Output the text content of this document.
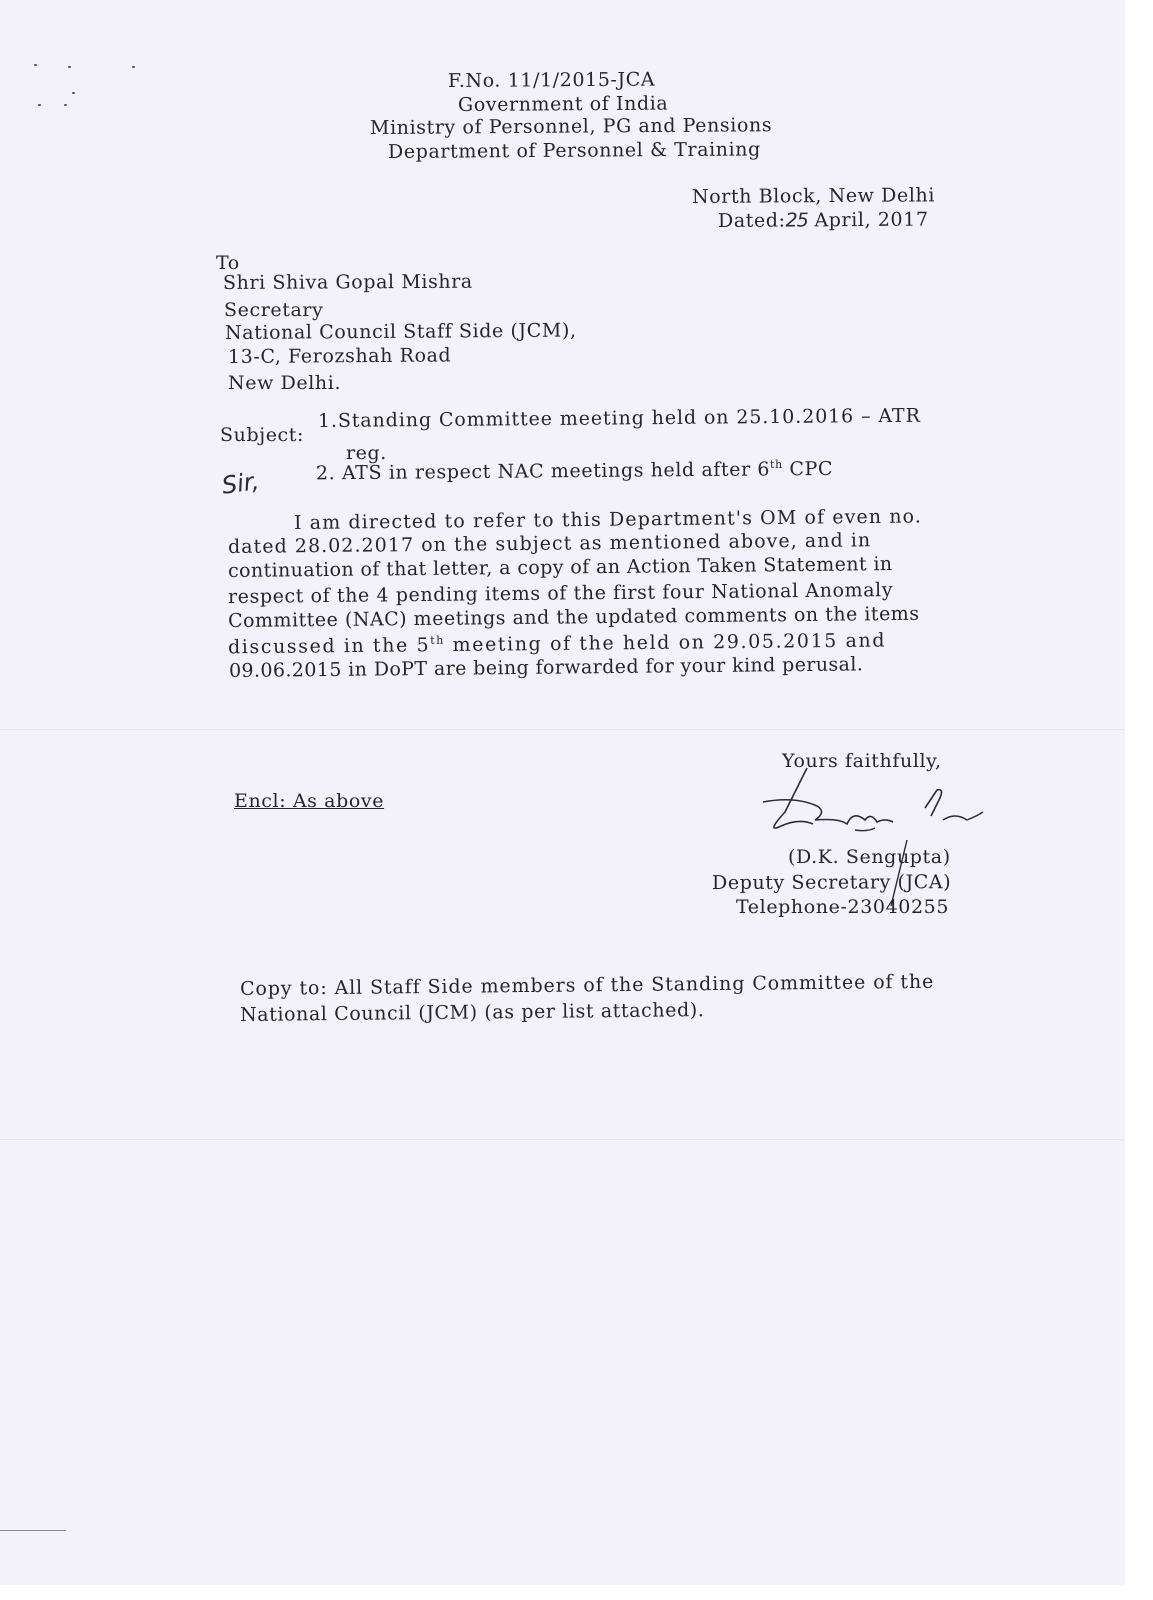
F.No. 11/1/2015-JCA
Government of India
Ministry of Personnel, PG and Pensions
Department of Personnel & Training
North Block, New Delhi
Dated:25 April, 2017
To
Shri Shiva Gopal Mishra
Secretary
National Council Staff Side (JCM),
13-C, Ferozshah Road
New Delhi.
Subject:
1.Standing Committee meeting held on 25.10.2016 – ATR
reg.
2. ATS in respect NAC meetings held after 6th CPC
Sir,
I am directed to refer to this Department's OM of even no.
dated 28.02.2017 on the subject as mentioned above, and in
continuation of that letter, a copy of an Action Taken Statement in
respect of the 4 pending items of the first four National Anomaly
Committee (NAC) meetings and the updated comments on the items
discussed in the 5th meeting of the held on 29.05.2015 and
09.06.2015 in DoPT are being forwarded for your kind perusal.
Yours faithfully,
Encl: As above
(D.K. Sengupta)
Deputy Secretary (JCA)
Telephone-23040255
Copy to: All Staff Side members of the Standing Committee of the
National Council (JCM) (as per list attached).
